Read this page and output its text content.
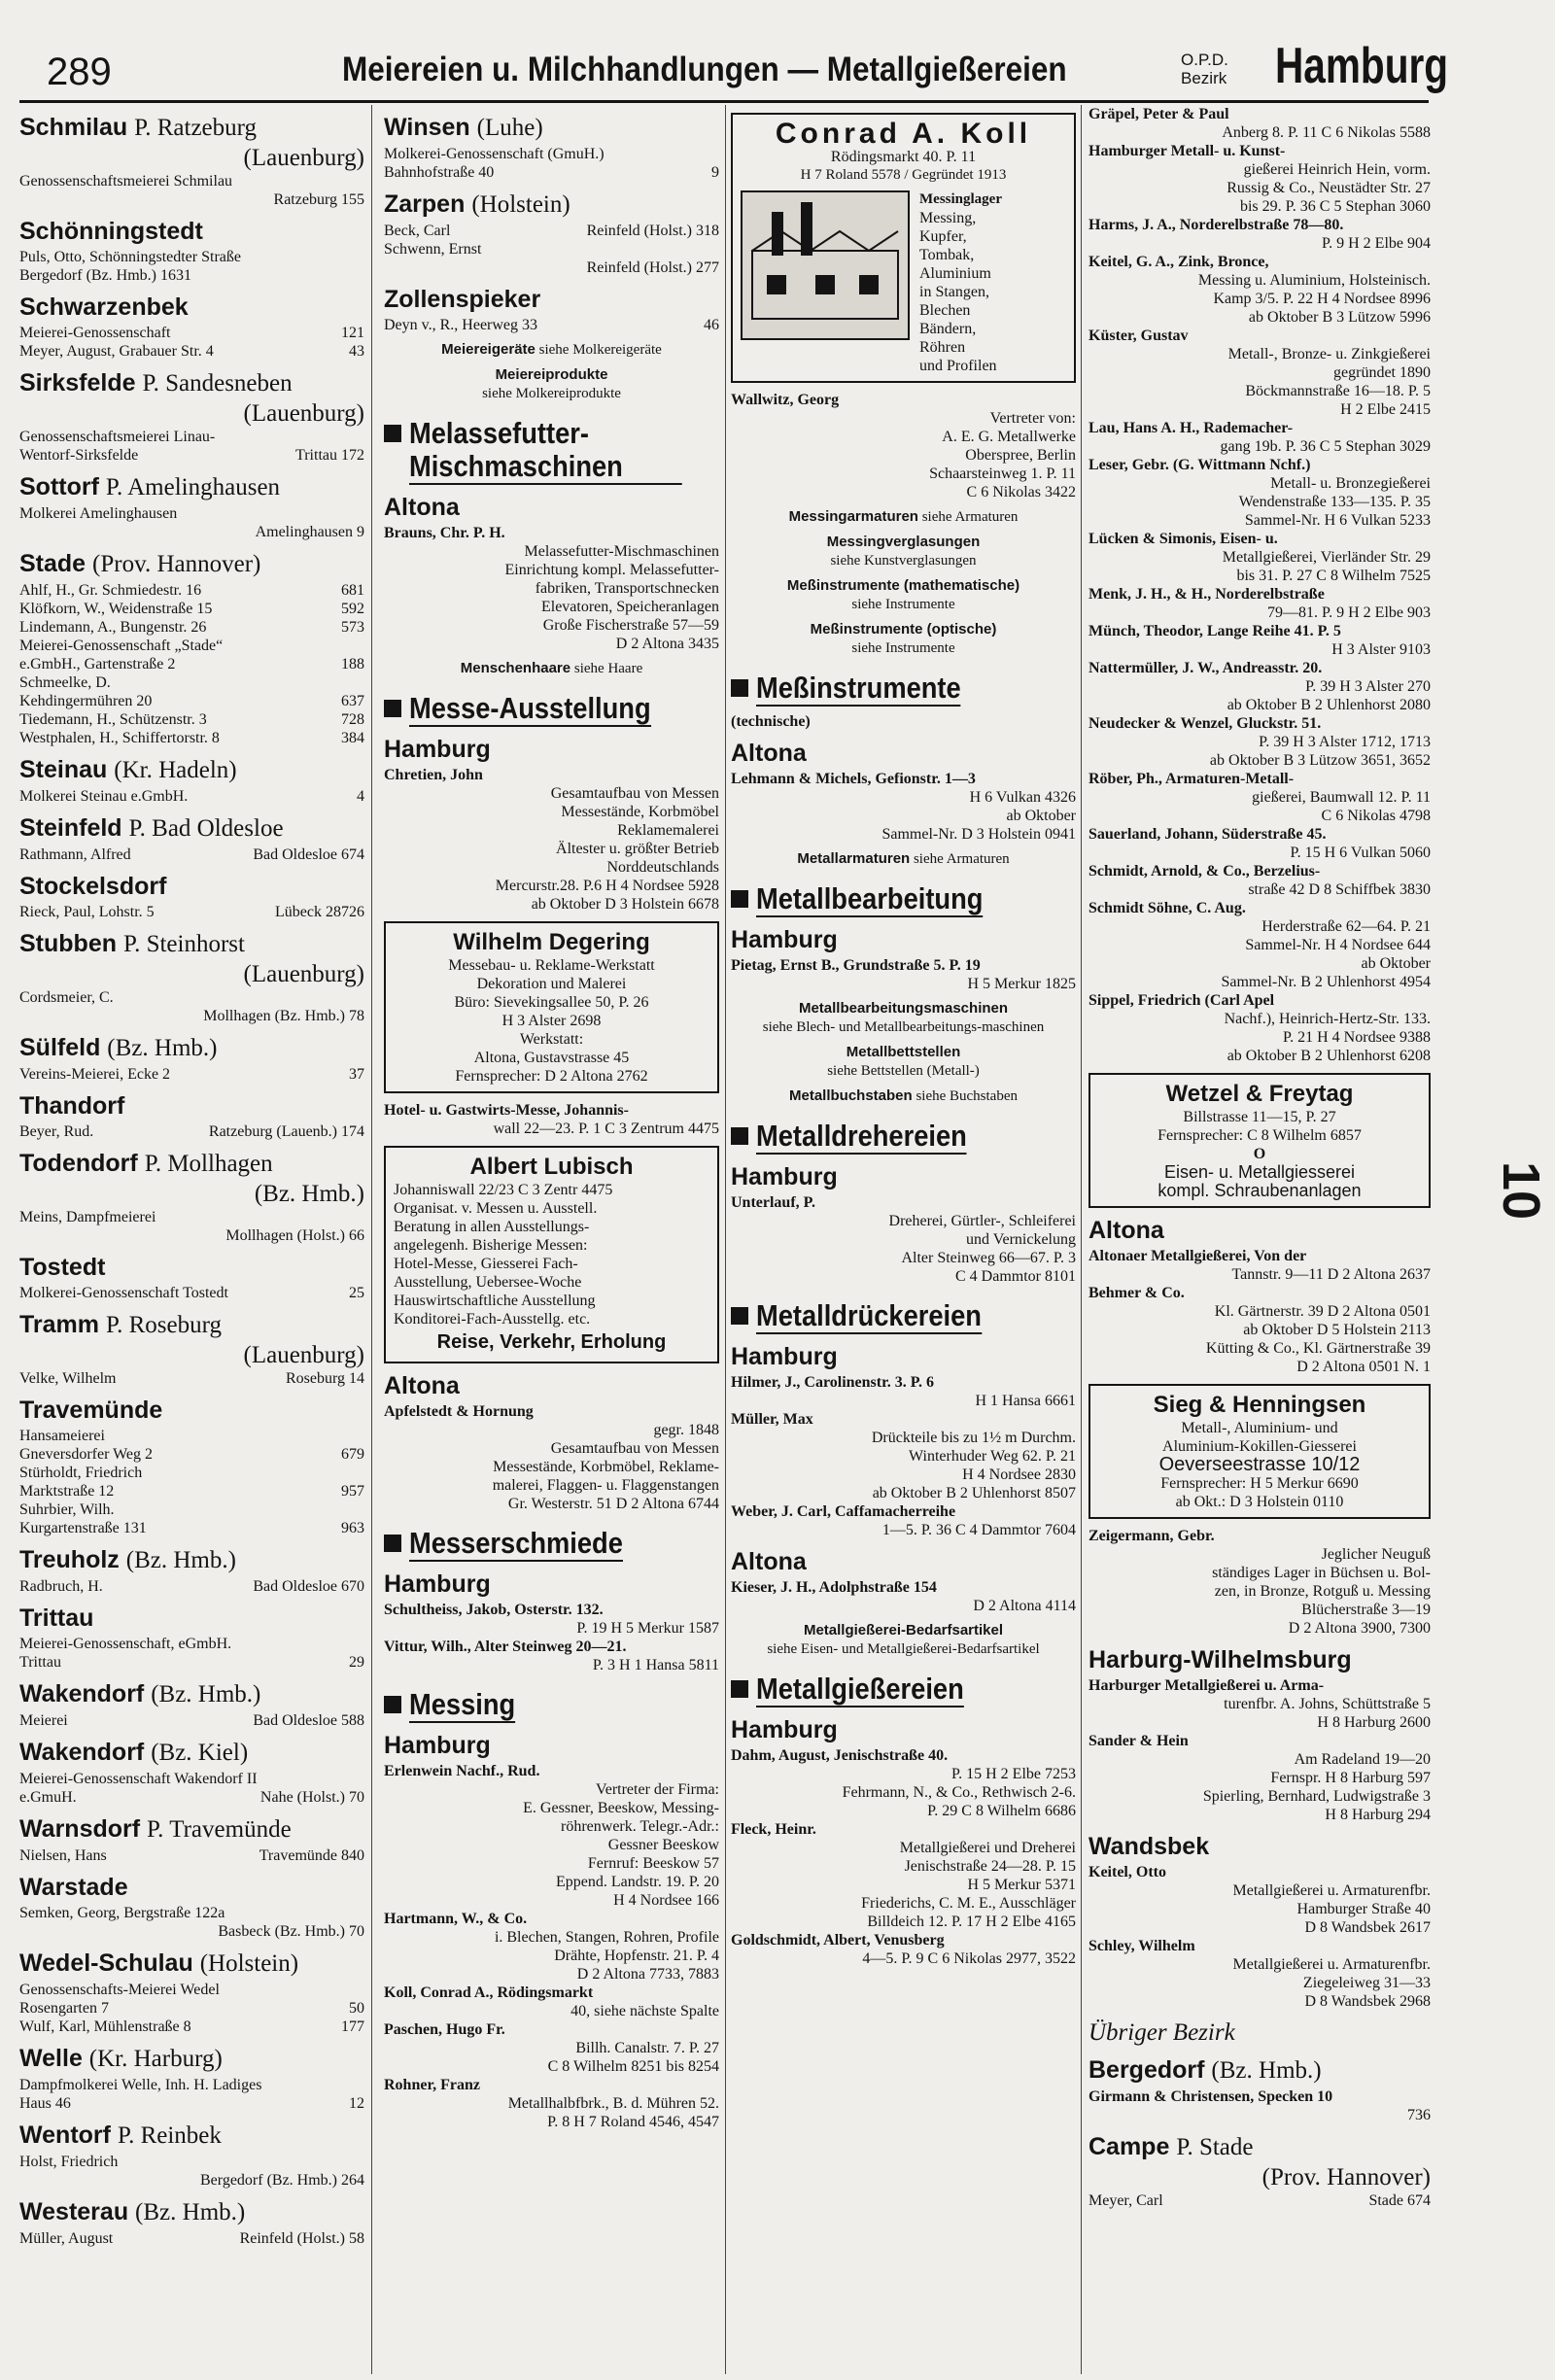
289	Meiereien u. Milchhandlungen — Metallgießereien	O.P.D.
Bezirk Hamburg
Schmilau P. Ratzeburg
(Lauenburg)
Genossenschaftsmeierei Schmilau
Ratzeburg 155
Schönningstedt
Puls, Otto, Schönningstedter Straße
Bergedorf (Bz. Hmb.) 1631
Schwarzenbek
Meierei-Genossenschaft	121
Meyer, August, Grabauer Str. 4	43
Sirksfelde P. Sandesneben
(Lauenburg)
Genossenschaftsmeierei Linau-
Wentorf-Sirksfelde	Trittau 172
Sottorf P. Amelinghausen
Molkerei Amelinghausen
Amelinghausen 9
Stade (Prov. Hannover)
Ahlf, H., Gr. Schmiedestr. 16	681
Klöfkorn, W., Weidenstraße 15	592
Lindemann, A., Bungenstr. 26	573
Meierei-Genossenschaft „Stade“
e.GmbH., Gartenstraße 2	188
Schmeelke, D.
Kehdingermühren 20	637
Tiedemann, H., Schützenstr. 3	728
Westphalen, H., Schiffertorstr. 8	384
Steinau (Kr. Hadeln)
Molkerei Steinau e.GmbH.	4
Steinfeld P. Bad Oldesloe
Rathmann, Alfred	Bad Oldesloe 674
Stockelsdorf
Rieck, Paul, Lohstr. 5	Lübeck 28726
Stubben P. Steinhorst
(Lauenburg)
Cordsmeier, C.
Mollhagen (Bz. Hmb.) 78
Sülfeld (Bz. Hmb.)
Vereins-Meierei, Ecke 2	37
Thandorf
Beyer, Rud.	Ratzeburg (Lauenb.) 174
Todendorf P. Mollhagen
(Bz. Hmb.)
Meins, Dampfmeierei
Mollhagen (Holst.) 66
Tostedt
Molkerei-Genossenschaft Tostedt	25
Tramm P. Roseburg
(Lauenburg)
Velke, Wilhelm	Roseburg 14
Travemünde
Hansameierei
Gneversdorfer Weg 2	679
Stürholdt, Friedrich
Marktstraße 12	957
Suhrbier, Wilh.
Kurgartenstraße 131	963
Treuholz (Bz. Hmb.)
Radbruch, H.	Bad Oldesloe 670
Trittau
Meierei-Genossenschaft, eGmbH.
Trittau	29
Wakendorf (Bz. Hmb.)
Meierei	Bad Oldesloe 588
Wakendorf (Bz. Kiel)
Meierei-Genossenschaft Wakendorf II
e.GmuH.	Nahe (Holst.) 70
Warnsdorf P. Travemünde
Nielsen, Hans	Travemünde 840
Warstade
Semken, Georg, Bergstraße 122a
Basbeck (Bz. Hmb.) 70
Wedel-Schulau (Holstein)
Genossenschafts-Meierei Wedel
Rosengarten 7	50
Wulf, Karl, Mühlenstraße 8	177
Welle (Kr. Harburg)
Dampfmolkerei Welle, Inh. H. Ladiges
Haus 46	12
Wentorf P. Reinbek
Holst, Friedrich
Bergedorf (Bz. Hmb.) 264
Westerau (Bz. Hmb.)
Müller, August	Reinfeld (Holst.) 58
Winsen (Luhe)
Molkerei-Genossenschaft (GmuH.)
Bahnhofstraße 40	9
Zarpen (Holstein)
Beck, Carl	Reinfeld (Holst.) 318
Schwenn, Ernst
Reinfeld (Holst.) 277
Zollenspieker
Deyn v., R., Heerweg 33	46
Meiereigeräte siehe Molkereigeräte
Meiereiprodukte
siehe Molkereiprodukte
Melassefutter-Mischmaschinen
Altona
Brauns, Chr. P. H.
Melassefutter-Mischmaschinen
Einrichtung kompl. Melassefutter-
fabriken, Transportschnecken
Elevatoren, Speicheranlagen
Große Fischerstraße 57—59
D 2 Altona 3435
Menschenhaare siehe Haare
Messe-Ausstellung
Hamburg
Chretien, John
Gesamtaufbau von Messen
Messestände, Korbmöbel
Reklamemalerei
Ältester u. größter Betrieb
Norddeutschlands
Mercurstr.28. P.6 H 4 Nordsee 5928
ab Oktober D 3 Holstein 6678
Wilhelm Degering
Messebau- u. Reklame-Werkstatt
Dekoration und Malerei
Büro: Sievekingsallee 50, P. 26
H 3 Alster 2698
Werkstatt:
Altona, Gustavstrasse 45
Fernsprecher: D 2 Altona 2762
Hotel- u. Gastwirts-Messe, Johannis-
wall 22—23. P. 1 C 3 Zentrum 4475
Albert Lubisch
Johanniswall 22/23 C 3 Zentr 4475
Organisat. v. Messen u. Ausstell.
Beratung in allen Ausstellungs-
angelegenh. Bisherige Messen:
Hotel-Messe, Giesserei Fach-
Ausstellung, Uebersee-Woche
Hauswirtschaftliche Ausstellung
Konditorei-Fach-Ausstellg. etc.
Reise, Verkehr, Erholung
Altona
Apfelstedt & Hornung
gegr. 1848
Gesamtaufbau von Messen
Messestände, Korbmöbel, Reklame-
malerei, Flaggen- u. Flaggenstangen
Gr. Westerstr. 51 D 2 Altona 6744
Messerschmiede
Hamburg
Schultheiss, Jakob, Osterstr. 132.
P. 19 H 5 Merkur 1587
Vittur, Wilh., Alter Steinweg 20—21.
P. 3 H 1 Hansa 5811
Messing
Hamburg
Erlenwein Nachf., Rud.
Vertreter der Firma:
E. Gessner, Beeskow, Messing-
röhrenwerk. Telegr.-Adr.:
Gessner Beeskow
Fernruf: Beeskow 57
Eppend. Landstr. 19. P. 20
H 4 Nordsee 166
Hartmann, W., & Co.
i. Blechen, Stangen, Rohren, Profile
Drähte, Hopfenstr. 21. P. 4
D 2 Altona 7733, 7883
Koll, Conrad A., Rödingsmarkt
40, siehe nächste Spalte
Paschen, Hugo Fr.
Billh. Canalstr. 7. P. 27
C 8 Wilhelm 8251 bis 8254
Rohner, Franz
Metallhalbfbrk., B. d. Mühren 52.
P. 8 H 7 Roland 4546, 4547
Conrad A. Koll
Rödingsmarkt 40. P. 11
H 7 Roland 5578 / Gegründet 1913
Messinglager
Messing,
Kupfer,
Tombak,
Aluminium
in Stangen,
Blechen
Bändern,
Röhren
und Profilen
Wallwitz, Georg
Vertreter von:
A. E. G. Metallwerke
Oberspree, Berlin
Schaarsteinweg 1. P. 11
C 6 Nikolas 3422
Messingarmaturen siehe Armaturen
Messingverglasungen
siehe Kunstverglasungen
Meßinstrumente (mathematische)
siehe Instrumente
Meßinstrumente (optische)
siehe Instrumente
Meßinstrumente
(technische)
Altona
Lehmann & Michels, Gefionstr. 1—3
H 6 Vulkan 4326
ab Oktober
Sammel-Nr. D 3 Holstein 0941
Metallarmaturen siehe Armaturen
Metallbearbeitung
Hamburg
Pietag, Ernst B., Grundstraße 5. P. 19
H 5 Merkur 1825
Metallbearbeitungsmaschinen
siehe Blech- und Metallbearbeitungs-maschinen
Metallbettstellen
siehe Bettstellen (Metall-)
Metallbuchstaben siehe Buchstaben
Metalldrehereien
Hamburg
Unterlauf, P.
Dreherei, Gürtler-, Schleiferei
und Vernickelung
Alter Steinweg 66—67. P. 3
C 4 Dammtor 8101
Metalldrückereien
Hamburg
Hilmer, J., Carolinenstr. 3. P. 6
H 1 Hansa 6661
Müller, Max
Drückteile bis zu 1½ m Durchm.
Winterhuder Weg 62. P. 21
H 4 Nordsee 2830
ab Oktober B 2 Uhlenhorst 8507
Weber, J. Carl, Caffamacherreihe
1—5. P. 36 C 4 Dammtor 7604
Altona
Kieser, J. H., Adolphstraße 154
D 2 Altona 4114
Metallgießerei-Bedarfsartikel
siehe Eisen- und Metallgießerei-Bedarfsartikel
Metallgießereien
Hamburg
Dahm, August, Jenischstraße 40.
P. 15 H 2 Elbe 7253
Fehrmann, N., & Co., Rethwisch 2-6.
P. 29 C 8 Wilhelm 6686
Fleck, Heinr.
Metallgießerei und Dreherei
Jenischstraße 24—28. P. 15
H 5 Merkur 5371
Friederichs, C. M. E., Ausschläger
Billdeich 12. P. 17 H 2 Elbe 4165
Goldschmidt, Albert, Venusberg
4—5. P. 9 C 6 Nikolas 2977, 3522
Gräpel, Peter & Paul
Anberg 8. P. 11 C 6 Nikolas 5588
Hamburger Metall- u. Kunst-
gießerei Heinrich Hein, vorm.
Russig & Co., Neustädter Str. 27
bis 29. P. 36 C 5 Stephan 3060
Harms, J. A., Norderelbstraße 78—80.
P. 9 H 2 Elbe 904
Keitel, G. A., Zink, Bronce,
Messing u. Aluminium, Holsteinisch.
Kamp 3/5. P. 22 H 4 Nordsee 8996
ab Oktober B 3 Lützow 5996
Küster, Gustav
Metall-, Bronze- u. Zinkgießerei
gegründet 1890
Böckmannstraße 16—18. P. 5
H 2 Elbe 2415
Lau, Hans A. H., Rademacher-
gang 19b. P. 36 C 5 Stephan 3029
Leser, Gebr. (G. Wittmann Nchf.)
Metall- u. Bronzegießerei
Wendenstraße 133—135. P. 35
Sammel-Nr. H 6 Vulkan 5233
Lücken & Simonis, Eisen- u.
Metallgießerei, Vierländer Str. 29
bis 31. P. 27 C 8 Wilhelm 7525
Menk, J. H., & H., Norderelbstraße
79—81. P. 9 H 2 Elbe 903
Münch, Theodor, Lange Reihe 41. P. 5
H 3 Alster 9103
Nattermüller, J. W., Andreasstr. 20.
P. 39 H 3 Alster 270
ab Oktober B 2 Uhlenhorst 2080
Neudecker & Wenzel, Gluckstr. 51.
P. 39 H 3 Alster 1712, 1713
ab Oktober B 3 Lützow 3651, 3652
Röber, Ph., Armaturen-Metall-
gießerei, Baumwall 12. P. 11
C 6 Nikolas 4798
Sauerland, Johann, Süderstraße 45.
P. 15 H 6 Vulkan 5060
Schmidt, Arnold, & Co., Berzelius-
straße 42 D 8 Schiffbek 3830
Schmidt Söhne, C. Aug.
Herderstraße 62—64. P. 21
Sammel-Nr. H 4 Nordsee 644
ab Oktober
Sammel-Nr. B 2 Uhlenhorst 4954
Sippel, Friedrich (Carl Apel
Nachf.), Heinrich-Hertz-Str. 133.
P. 21 H 4 Nordsee 9388
ab Oktober B 2 Uhlenhorst 6208
Wetzel & Freytag
Billstrasse 11—15, P. 27
Fernsprecher: C 8 Wilhelm 6857
O
Eisen- u. Metallgiesserei
kompl. Schraubenanlagen
Altona
Altonaer Metallgießerei, Von der
Tannstr. 9—11 D 2 Altona 2637
Behmer & Co.
Kl. Gärtnerstr. 39 D 2 Altona 0501
ab Oktober D 5 Holstein 2113
Kütting & Co., Kl. Gärtnerstraße 39
D 2 Altona 0501 N. 1
Sieg & Henningsen
Metall-, Aluminium- und
Aluminium-Kokillen-Giesserei
Oeverseestrasse 10/12
Fernsprecher: H 5 Merkur 6690
ab Okt.: D 3 Holstein 0110
Zeigermann, Gebr.
Jeglicher Neuguß
ständiges Lager in Büchsen u. Bol-
zen, in Bronze, Rotguß u. Messing
Blücherstraße 3—19
D 2 Altona 3900, 7300
Harburg-Wilhelmsburg
Harburger Metallgießerei u. Arma-
turenfbr. A. Johns, Schüttstraße 5
H 8 Harburg 2600
Sander & Hein
Am Radeland 19—20
Fernspr. H 8 Harburg 597
Spierling, Bernhard, Ludwigstraße 3
H 8 Harburg 294
Wandsbek
Keitel, Otto
Metallgießerei u. Armaturenfbr.
Hamburger Straße 40
D 8 Wandsbek 2617
Schley, Wilhelm
Metallgießerei u. Armaturenfbr.
Ziegeleiweg 31—33
D 8 Wandsbek 2968
Übriger Bezirk
Bergedorf (Bz. Hmb.)
Girmann & Christensen, Specken 10
736
Campe P. Stade
(Prov. Hannover)
Meyer, Carl	Stade 674
10
